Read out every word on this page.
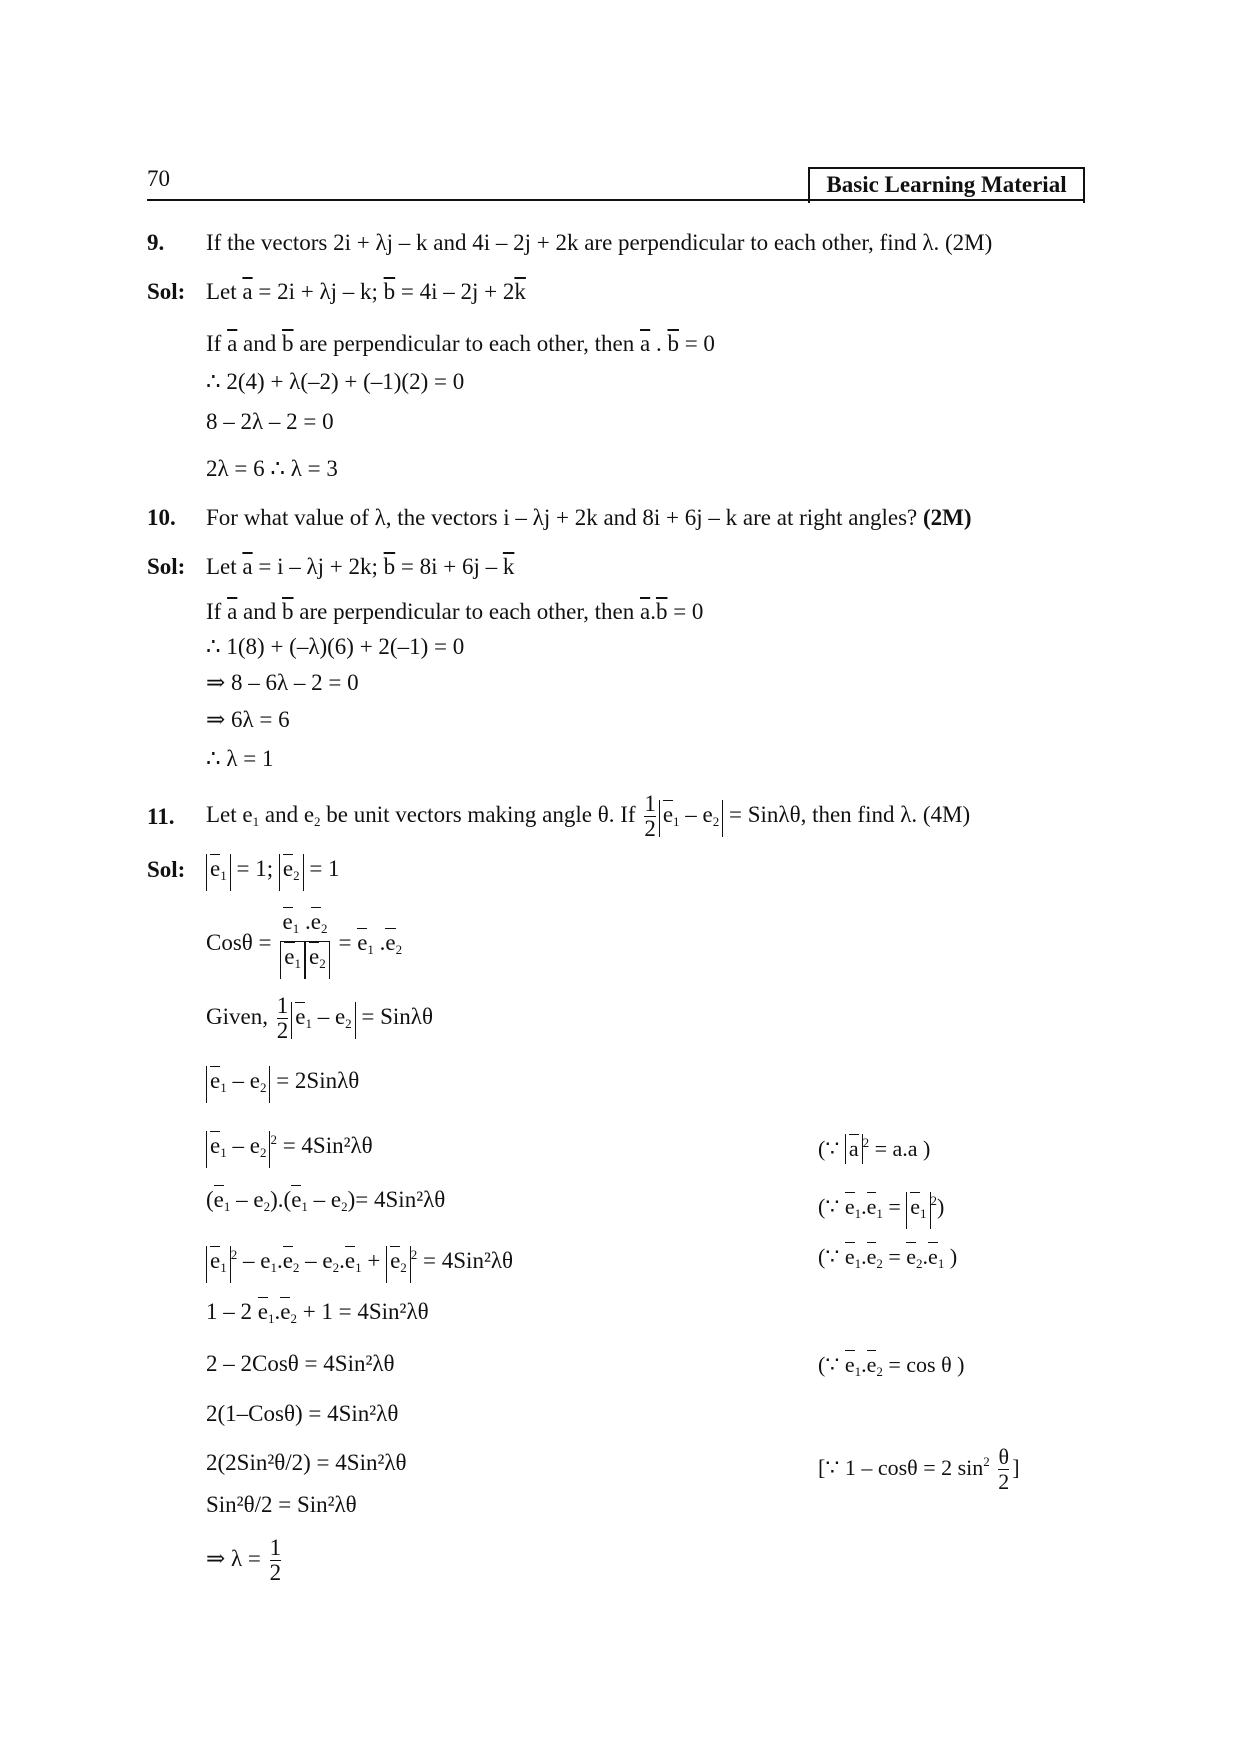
70	Basic Learning Material
9. If the vectors 2i + λj – k and 4i – 2j + 2k are perpendicular to each other, find λ. (2M)
Sol: Let $\overline{a} = 2i + \lambda j - k$; $\overline{b} = 4i - 2j + 2\overline{k}$
If $\overline{a}$ and $\overline{b}$ are perpendicular to each other, then $\overline{a}$ . $\overline{b} = 0$
∴ 2(4) + λ(–2) + (–1)(2) = 0
8 – 2λ – 2 = 0
2λ = 6 ∴ λ = 3
10. For what value of λ, the vectors i – λj + 2k and 8i + 6j – k are at right angles? (2M)
Sol: Let $\overline{a} = i - \lambda j + 2k$; $\overline{b} = 8i + 6j - \overline{k}$
If $\overline{a}$ and $\overline{b}$ are perpendicular to each other, then $\overline{a}.\overline{b} = 0$
∴ 1(8) + (–λ)(6) + 2(–1) = 0
⇒ 8 – 6λ – 2 = 0
⇒ 6λ = 6
∴ λ = 1
11. Let $e_1$ and $e_2$ be unit vectors making angle θ. If $\frac{1}{2} e_1 - e_2 = Sin\lambda\theta$, then find λ. (4M)
Sol: $e_1 = 1$; $e_2 = 1$
$Cos\theta = \frac{e_1 .e_2}{e_1 e_2} = e_1$ $.e_2$
Given, $\frac{1}{2} e_1 - e_2 = Sin\lambda\theta$
$e_1 - e_2 = 2Sin\lambda\theta$
$e_1 - e_2^2 = 4Sin^2\lambda\theta$	(∵ a $^2$ = a.a )
$(e_1 - e_2).(e_1 - e_2)= 4Sin^2\lambda\theta$	(∵ $e_1.e_1 = e_1^2$)
$e_1^2 - e_1.e_2 - e_2.e_1 + e_2^2 = 4Sin^2\lambda\theta$	(∵ $e_1.e_2 = e_2.e_1$ )
1 – 2 $e_1.e_2 + 1 = 4Sin^2\lambda\theta$
2 – 2Cosθ = 4Sin²λθ	(∵ $e_1.e_2 = \cos \theta$ )
2(1–Cosθ) = 4Sin²λθ
2(2Sin²θ/2) = 4Sin²λθ	[∵ 1 – cosθ = 2 $\sin^2 \frac{\theta}{2}$ ]
Sin²θ/2 = Sin²λθ
⇒ $\lambda = \frac{1}{2}$
